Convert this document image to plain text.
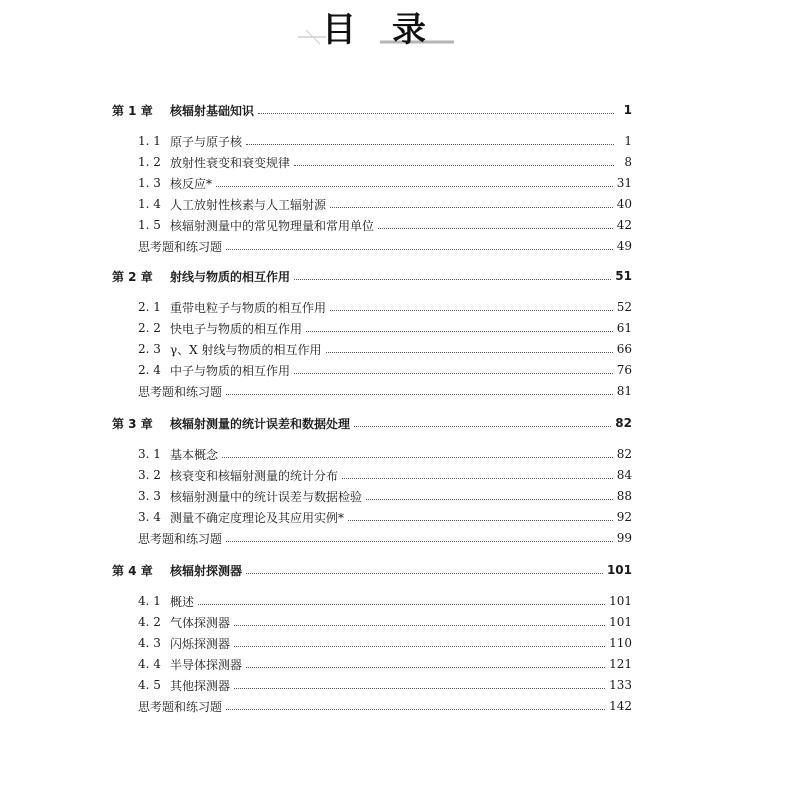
目录
第 1 章	核辐射基础知识	1
1. 1 原子与原子核	1
1. 2 放射性衰变和衰变规律	8
1. 3 核反应*	31
1. 4 人工放射性核素与人工辐射源	40
1. 5 核辐射测量中的常见物理量和常用单位	42
思考题和练习题	49
第 2 章	射线与物质的相互作用	51
2. 1 重带电粒子与物质的相互作用	52
2. 2 快电子与物质的相互作用	61
2. 3 γ、X 射线与物质的相互作用	66
2. 4 中子与物质的相互作用	76
思考题和练习题	81
第 3 章	核辐射测量的统计误差和数据处理	82
3. 1 基本概念	82
3. 2 核衰变和核辐射测量的统计分布	84
3. 3 核辐射测量中的统计误差与数据检验	88
3. 4 测量不确定度理论及其应用实例*	92
思考题和练习题	99
第 4 章	核辐射探测器	101
4. 1 概述	101
4. 2 气体探测器	101
4. 3 闪烁探测器	110
4. 4 半导体探测器	121
4. 5 其他探测器	133
思考题和练习题	142
